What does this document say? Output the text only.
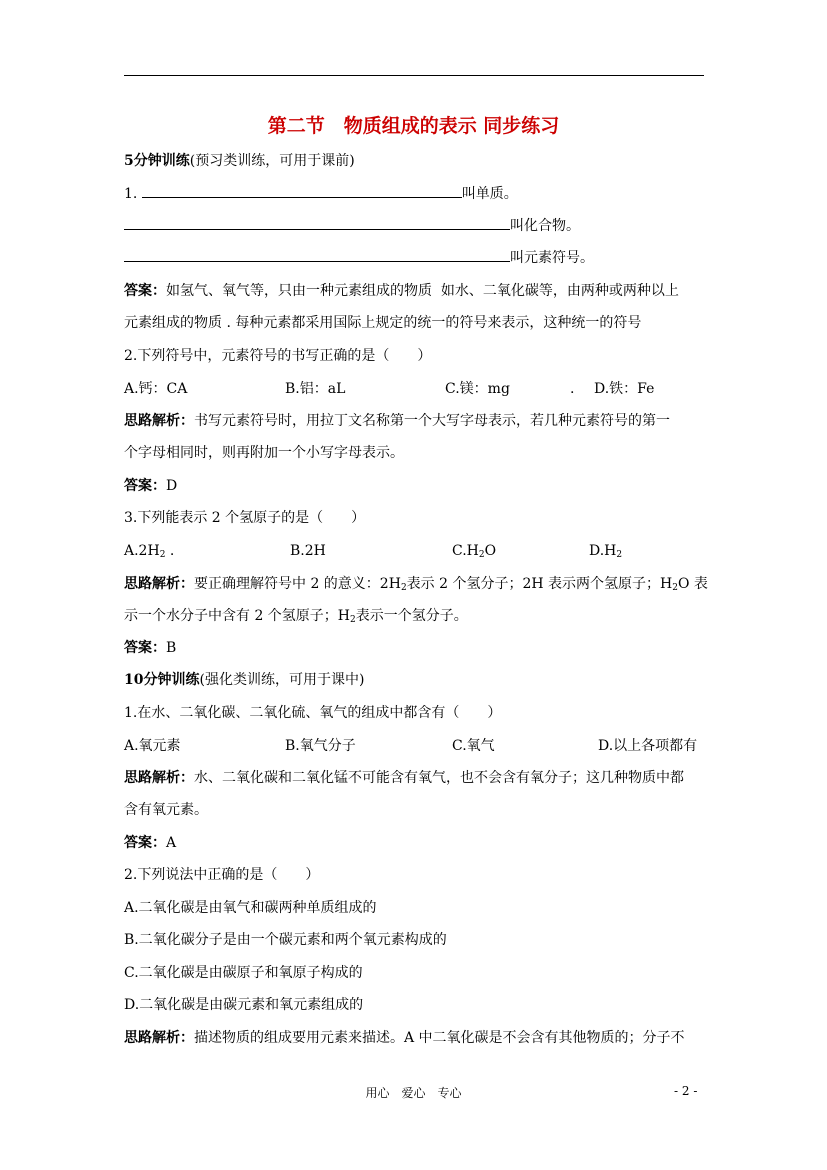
第二节　物质组成的表示 同步练习
5分钟训练(预习类训练，可用于课前)
1.	叫单质。
叫化合物。
叫元素符号。
答案：如氢气、氧气等，只由一种元素组成的物质  如水、二氧化碳等，由两种或两种以上
元素组成的物质 . 每种元素都采用国际上规定的统一的符号来表示，这种统一的符号
2.下列符号中，元素符号的书写正确的是（　　）
A.钙：CA	B.铝：aL	C.镁：mg	. D.铁：Fe
思路解析：书写元素符号时，用拉丁文名称第一个大写字母表示，若几种元素符号的第一
个字母相同时，则再附加一个小写字母表示。
答案：D
3.下列能表示 2 个氢原子的是（　　）
$A.2H_2$ .	B.2H	$C.H_2O$	$D.H_2$
思路解析：要正确理解符号中 2 的意义：$2H_2$表示 2 个氢分子；2H 表示两个氢原子；$H_2O$ 表
示一个水分子中含有 2 个氢原子；$H_2$表示一个氢分子。
答案：B
10分钟训练(强化类训练，可用于课中)
1.在水、二氧化碳、二氧化硫、氧气的组成中都含有（　　）
A.氧元素	B.氧气分子	C.氧气	D.以上各项都有
思路解析：水、二氧化碳和二氧化锰不可能含有氧气，也不会含有氧分子；这几种物质中都
含有氧元素。
答案：A
2.下列说法中正确的是（　　）
A.二氧化碳是由氧气和碳两种单质组成的
B.二氧化碳分子是由一个碳元素和两个氧元素构成的
C.二氧化碳是由碳原子和氧原子构成的
D.二氧化碳是由碳元素和氧元素组成的
思路解析：描述物质的组成要用元素来描述。A 中二氧化碳是不会含有其他物质的；分子不
用心　爱心　专心	- 2 -
